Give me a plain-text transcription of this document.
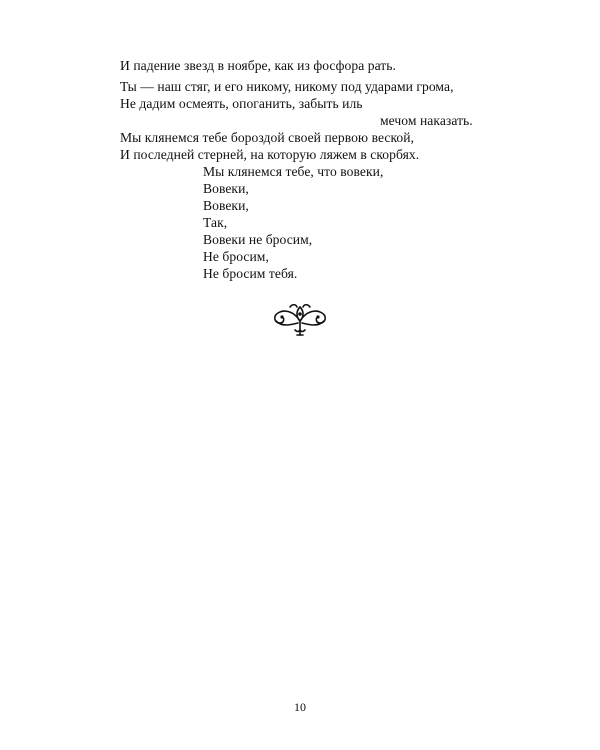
И падение звезд в ноябре, как из фосфора рать.
Ты — наш стяг, и его никому, никому под ударами грома,
Не дадим осмеять, опоганить, забыть иль
мечом наказать.
Мы клянемся тебе бороздой своей первою веской,
И последней стерней, на которую ляжем в скорбях.
Мы клянемся тебе, что вовеки,
Вовеки,
Вовеки,
Так,
Вовеки не бросим,
Не бросим,
Не бросим тебя.
10
